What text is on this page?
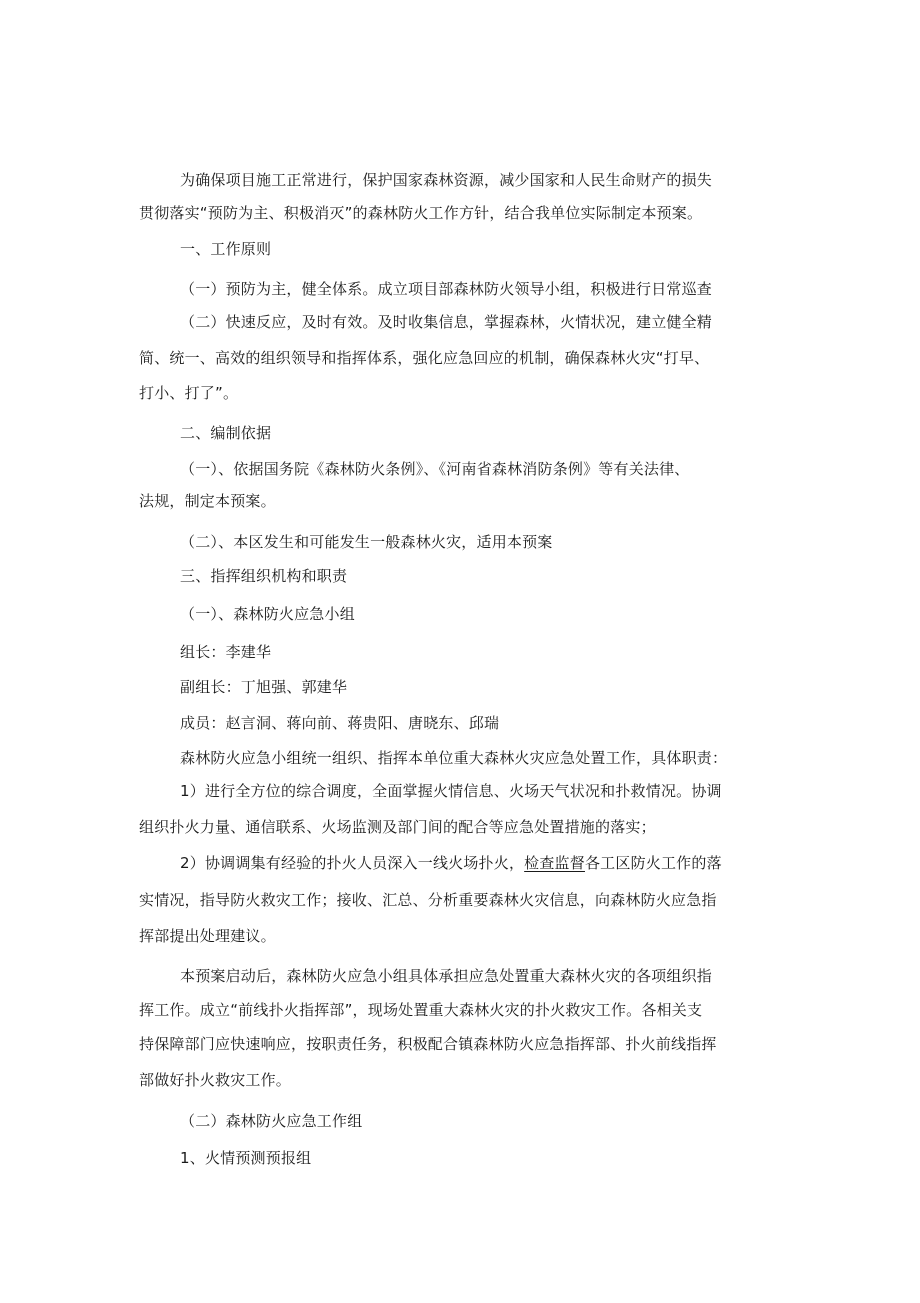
为确保项目施工正常进行，保护国家森林资源，减少国家和人民生命财产的损失
贯彻落实“预防为主、积极消灭”的森林防火工作方针，结合我单位实际制定本预案。
一、工作原则
（一）预防为主，健全体系。成立项目部森林防火领导小组，积极进行日常巡查
（二）快速反应，及时有效。及时收集信息，掌握森林，火情状况，建立健全精
简、统一、高效的组织领导和指挥体系，强化应急回应的机制，确保森林火灾“打早、
打小、打了”。
二、编制依据
（一）、依据国务院《森林防火条例》、《河南省森林消防条例》等有关法律、
法规，制定本预案。
（二）、本区发生和可能发生一般森林火灾，适用本预案
三、指挥组织机构和职责
（一）、森林防火应急小组
组长：李建华
副组长：丁旭强、郭建华
成员：赵言洞、蒋向前、蒋贵阳、唐晓东、邱瑞
森林防火应急小组统一组织、指挥本单位重大森林火灾应急处置工作，具体职责：
1）进行全方位的综合调度，全面掌握火情信息、火场天气状况和扑救情况。协调
组织扑火力量、通信联系、火场监测及部门间的配合等应急处置措施的落实；
2）协调调集有经验的扑火人员深入一线火场扑火，检查监督各工区防火工作的落
实情况，指导防火救灾工作；接收、汇总、分析重要森林火灾信息，向森林防火应急指
挥部提出处理建议。
本预案启动后，森林防火应急小组具体承担应急处置重大森林火灾的各项组织指
挥工作。成立“前线扑火指挥部”，现场处置重大森林火灾的扑火救灾工作。各相关支
持保障部门应快速响应，按职责任务，积极配合镇森林防火应急指挥部、扑火前线指挥
部做好扑火救灾工作。
（二）森林防火应急工作组
1、火情预测预报组
